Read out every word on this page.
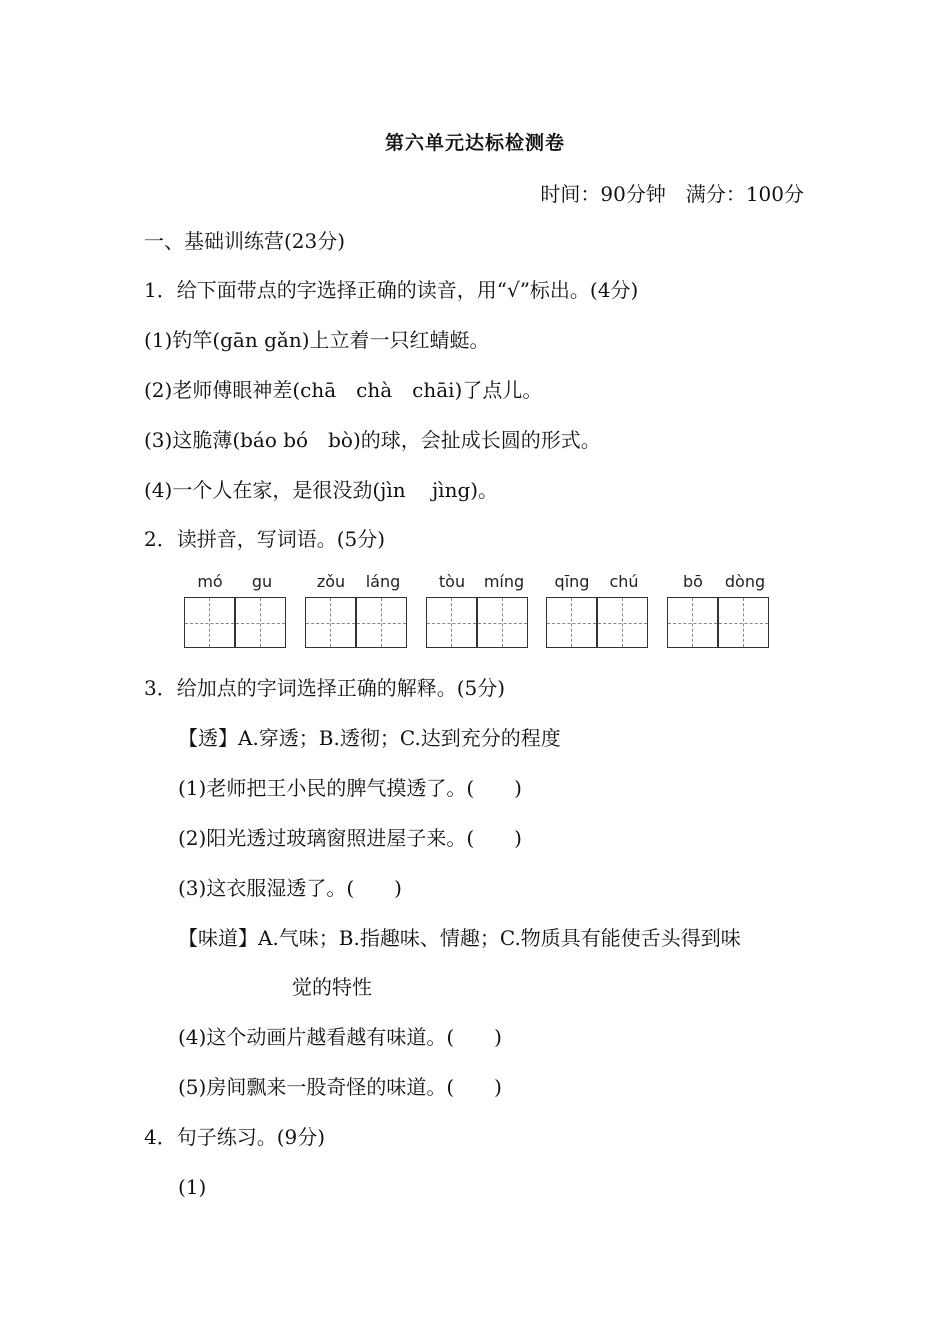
第六单元达标检测卷
时间：90分钟　满分：100分
一、基础训练营(23分)
1．给下面带点的字选择正确的读音，用“√”标出。(4分)
(1)钓竿(gān gǎn)上立着一只红蜻蜓。
(2)老师傅眼神差(chā　chà　chāi)了点儿。
(3)这脆薄(báo bó　bò)的球，会扯成长圆的形式。
(4)一个人在家，是很没劲(jìn　 jìng)。
2．读拼音，写词语。(5分)
mó	gu	zǒu	láng	tòu	míng	qīng	chú	bō	dòng
3．给加点的字词选择正确的解释。(5分)
【透】A.穿透；B.透彻；C.达到充分的程度
(1)老师把王小民的脾气摸透了。(　　)
(2)阳光透过玻璃窗照进屋子来。(　　)
(3)这衣服湿透了。(　　)
【味道】A.气味；B.指趣味、情趣；C.物质具有能使舌头得到味
觉的特性
(4)这个动画片越看越有味道。(　　)
(5)房间飘来一股奇怪的味道。(　　)
4．句子练习。(9分)
(1)
